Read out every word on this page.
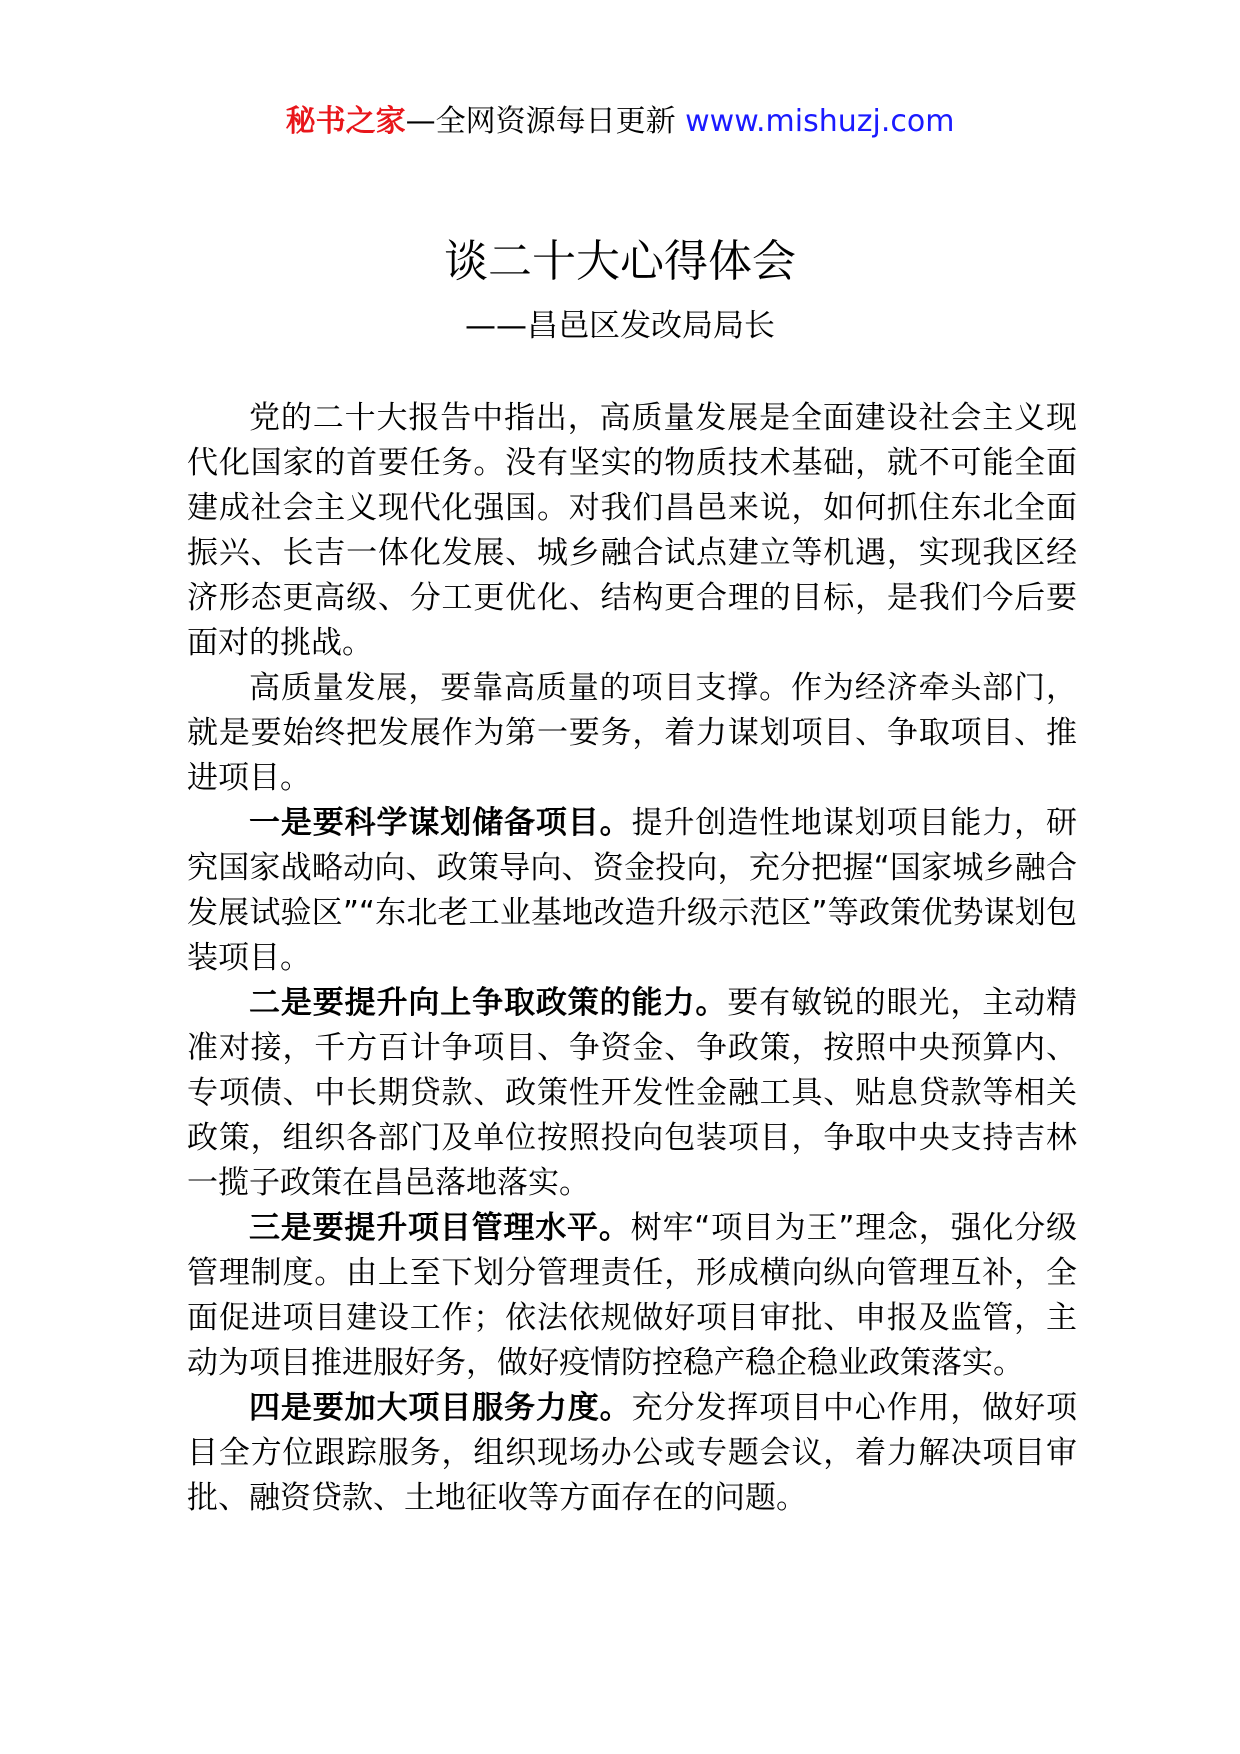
秘书之家—全网资源每日更新 www.mishuzj.com
谈二十大心得体会
——昌邑区发改局局长

党的二十大报告中指出，高质量发展是全面建设社会主义现代化国家的首要任务。没有坚实的物质技术基础，就不可能全面建成社会主义现代化强国。对我们昌邑来说，如何抓住东北全面振兴、长吉一体化发展、城乡融合试点建立等机遇，实现我区经济形态更高级、分工更优化、结构更合理的目标，是我们今后要面对的挑战。

高质量发展，要靠高质量的项目支撑。作为经济牵头部门，就是要始终把发展作为第一要务，着力谋划项目、争取项目、推进项目。

一是要科学谋划储备项目。提升创造性地谋划项目能力，研究国家战略动向、政策导向、资金投向，充分把握“国家城乡融合发展试验区”“东北老工业基地改造升级示范区”等政策优势谋划包装项目。

二是要提升向上争取政策的能力。要有敏锐的眼光，主动精准对接，千方百计争项目、争资金、争政策，按照中央预算内、专项债、中长期贷款、政策性开发性金融工具、贴息贷款等相关政策，组织各部门及单位按照投向包装项目，争取中央支持吉林一揽子政策在昌邑落地落实。

三是要提升项目管理水平。树牢“项目为王”理念，强化分级管理制度。由上至下划分管理责任，形成横向纵向管理互补，全面促进项目建设工作；依法依规做好项目审批、申报及监管，主动为项目推进服好务，做好疫情防控稳产稳企稳业政策落实。

四是要加大项目服务力度。充分发挥项目中心作用，做好项目全方位跟踪服务，组织现场办公或专题会议，着力解决项目审批、融资贷款、土地征收等方面存在的问题。
